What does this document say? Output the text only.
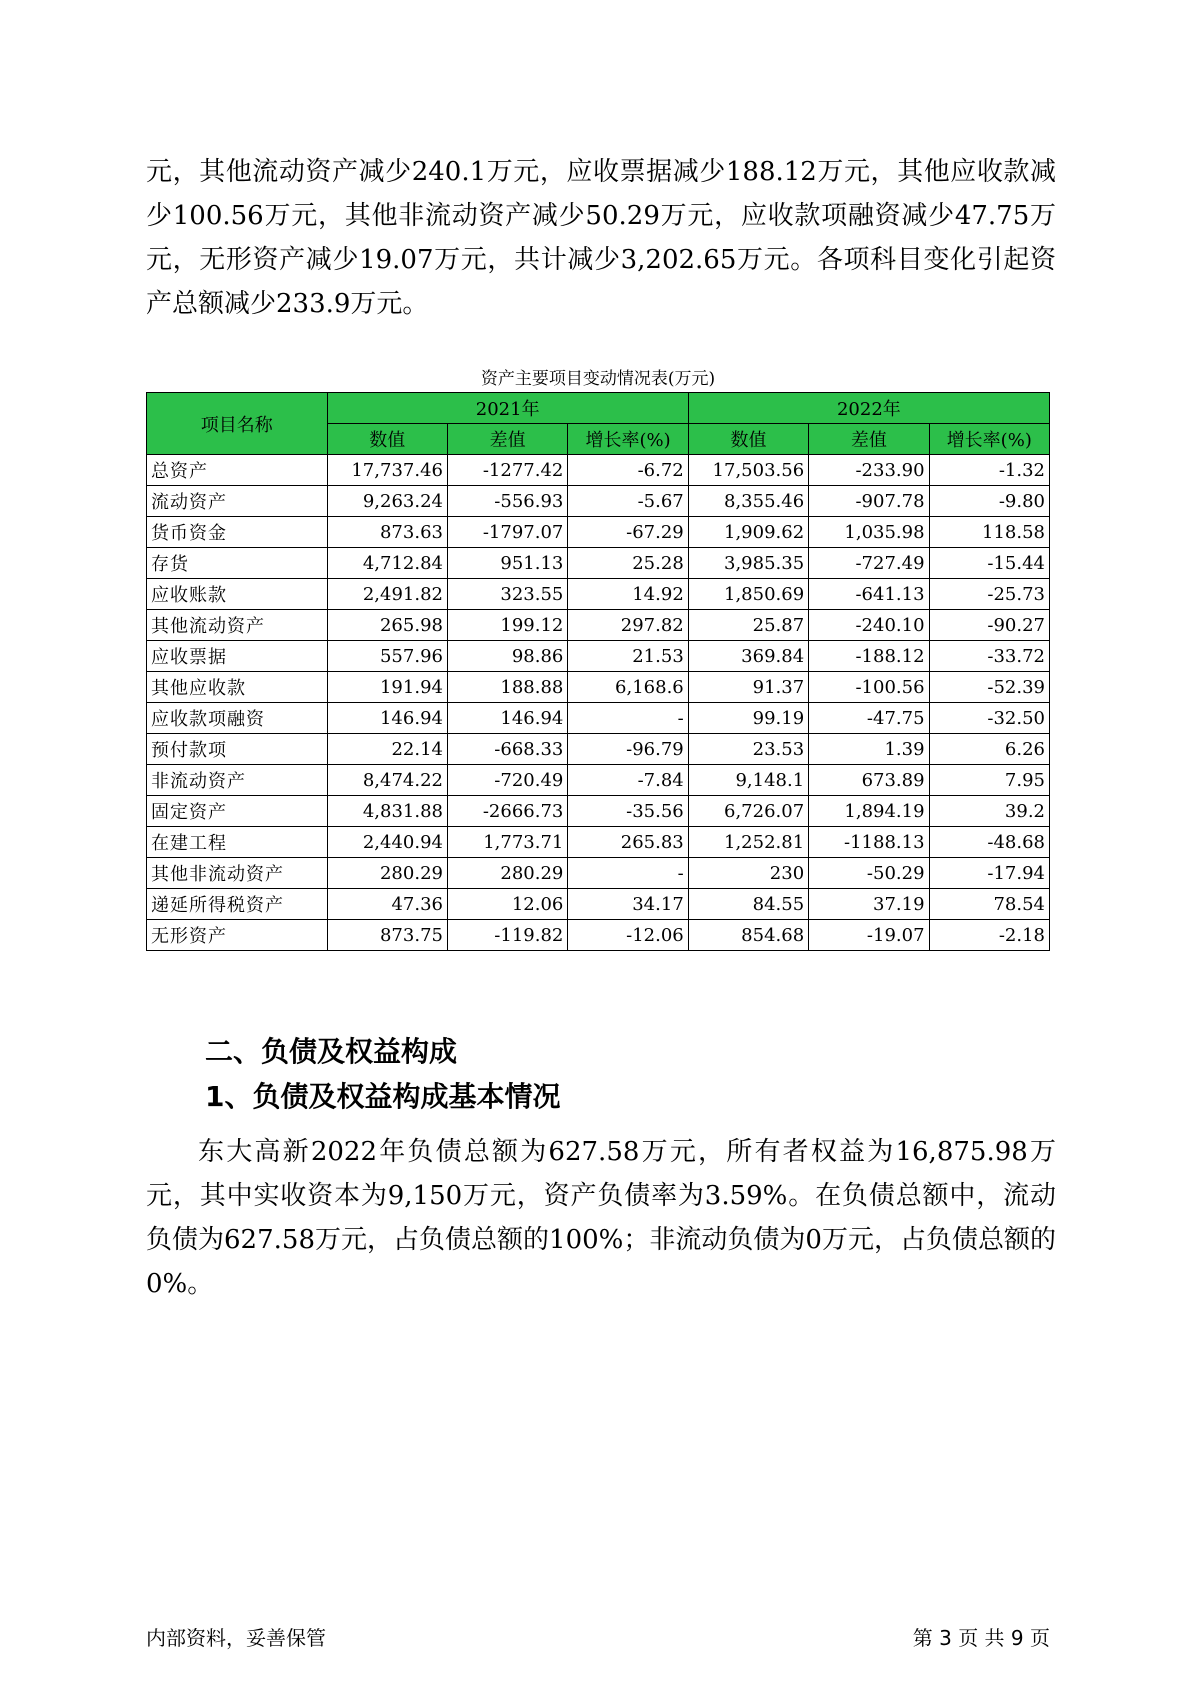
元，其他流动资产减少240.1万元，应收票据减少188.12万元，其他应收款减少100.56万元，其他非流动资产减少50.29万元，应收款项融资减少47.75万元，无形资产减少19.07万元，共计减少3,202.65万元。各项科目变化引起资产总额减少233.9万元。

资产主要项目变动情况表(万元)
项目名称	2021年			2022年		
	数值	差值	增长率(%)	数值	差值	增长率(%)
总资产	17,737.46	-1277.42	-6.72	17,503.56	-233.90	-1.32
流动资产	9,263.24	-556.93	-5.67	8,355.46	-907.78	-9.80
货币资金	873.63	-1797.07	-67.29	1,909.62	1,035.98	118.58
存货	4,712.84	951.13	25.28	3,985.35	-727.49	-15.44
应收账款	2,491.82	323.55	14.92	1,850.69	-641.13	-25.73
其他流动资产	265.98	199.12	297.82	25.87	-240.10	-90.27
应收票据	557.96	98.86	21.53	369.84	-188.12	-33.72
其他应收款	191.94	188.88	6,168.6	91.37	-100.56	-52.39
应收款项融资	146.94	146.94	-	99.19	-47.75	-32.50
预付款项	22.14	-668.33	-96.79	23.53	1.39	6.26
非流动资产	8,474.22	-720.49	-7.84	9,148.1	673.89	7.95
固定资产	4,831.88	-2666.73	-35.56	6,726.07	1,894.19	39.2
在建工程	2,440.94	1,773.71	265.83	1,252.81	-1188.13	-48.68
其他非流动资产	280.29	280.29	-	230	-50.29	-17.94
递延所得税资产	47.36	12.06	34.17	84.55	37.19	78.54
无形资产	873.75	-119.82	-12.06	854.68	-19.07	-2.18
二、负债及权益构成
1、负债及权益构成基本情况

东大高新2022年负债总额为627.58万元，所有者权益为16,875.98万元，其中实收资本为9,150万元，资产负债率为3.59%。在负债总额中，流动负债为627.58万元，占负债总额的100%；非流动负债为0万元，占负债总额的0%。

内部资料，妥善保管	第 3 页 共 9 页
